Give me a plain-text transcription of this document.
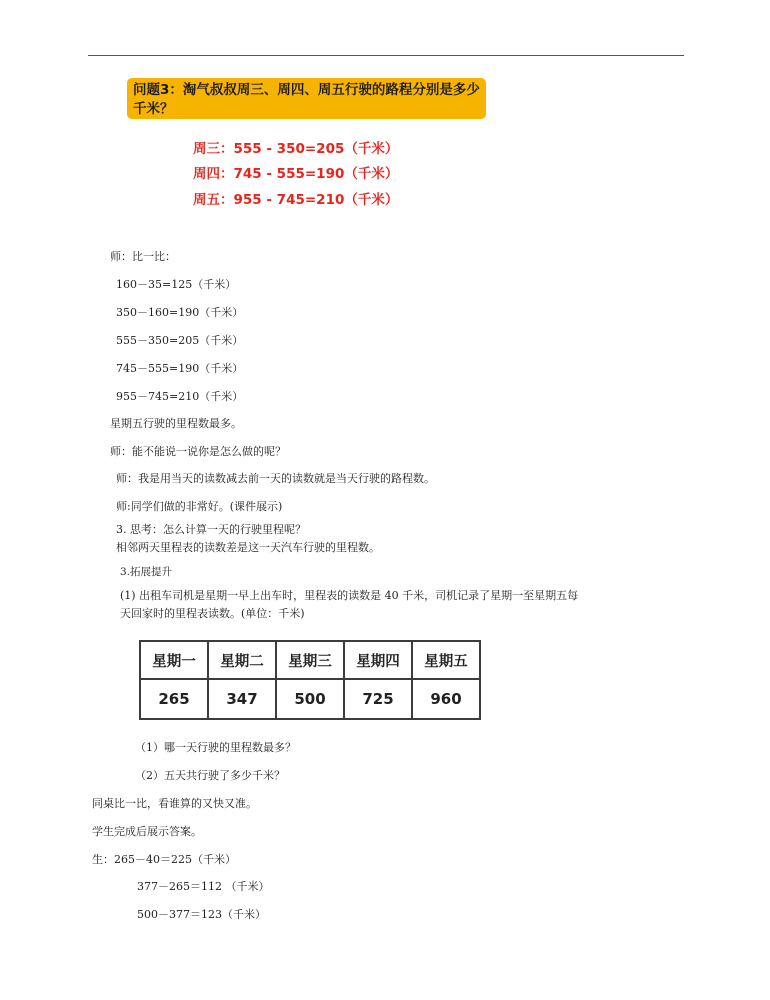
问题3：淘气叔叔周三、周四、周五行驶的路程分别是多少千米？
周三：555 - 350=205（千米）
周四：745 - 555=190（千米）
周五：955 - 745=210（千米）
师：比一比：
160－35=125（千米）
350－160=190（千米）
555－350=205（千米）
745－555=190（千米）
955－745=210（千米）
星期五行驶的里程数最多。
师：能不能说一说你是怎么做的呢？
师：我是用当天的读数减去前一天的读数就是当天行驶的路程数。
师:同学们做的非常好。(课件展示)
3. 思考：怎么计算一天的行驶里程呢？
相邻两天里程表的读数差是这一天汽车行驶的里程数。
3.拓展提升
(1) 出租车司机是星期一早上出车时，里程表的读数是 40 千米，司机记录了星期一至星期五每
天回家时的里程表读数。(单位：千米)
星期一	星期二	星期三	星期四	星期五
265	347	500	725	960
（1）哪一天行驶的里程数最多？
（2）五天共行驶了多少千米？
同桌比一比，看谁算的又快又准。
学生完成后展示答案。
生：265－40＝225（千米）
377－265＝112 （千米）
500－377＝123（千米）
